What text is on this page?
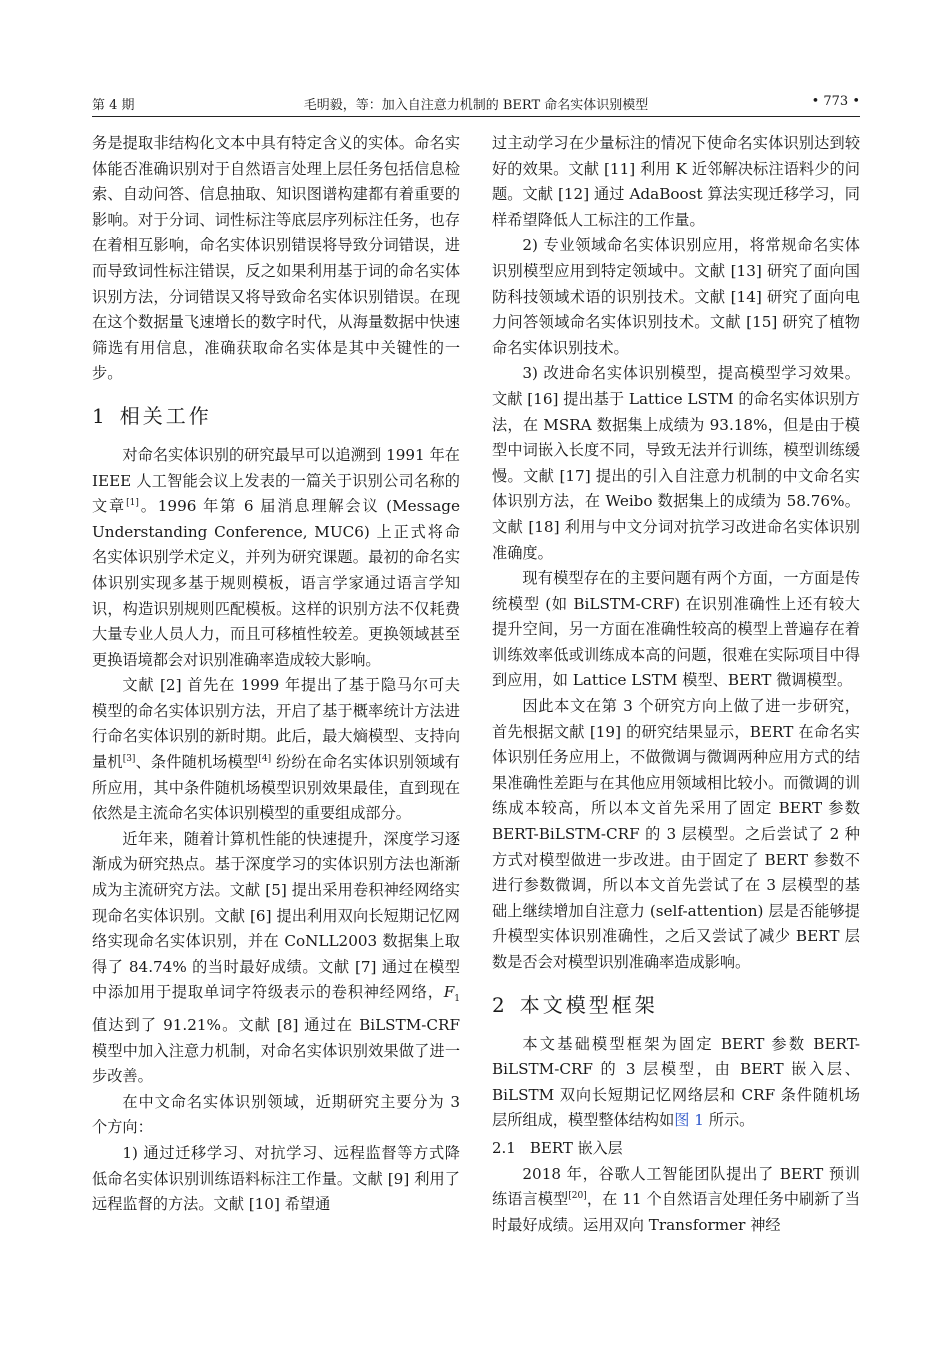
第 4 期	毛明毅，等：加入自注意力机制的 BERT 命名实体识别模型	• 773 •

务是提取非结构化文本中具有特定含义的实体。命名实体能否准确识别对于自然语言处理上层任务包括信息检索、自动问答、信息抽取、知识图谱构建都有着重要的影响。对于分词、词性标注等底层序列标注任务，也存在着相互影响，命名实体识别错误将导致分词错误，进而导致词性标注错误，反之如果利用基于词的命名实体识别方法，分词错误又将导致命名实体识别错误。在现在这个数据量飞速增长的数字时代，从海量数据中快速筛选有用信息，准确获取命名实体是其中关键性的一步。

1 相关工作

对命名实体识别的研究最早可以追溯到 1991 年在 IEEE 人工智能会议上发表的一篇关于识别公司名称的文章[1]。1996 年第 6 届消息理解会议 (Message Understanding Conference, MUC6) 上正式将命名实体识别学术定义，并列为研究课题。最初的命名实体识别实现多基于规则模板，语言学家通过语言学知识，构造识别规则匹配模板。这样的识别方法不仅耗费大量专业人员人力，而且可移植性较差。更换领域甚至更换语境都会对识别准确率造成较大影响。

文献 [2] 首先在 1999 年提出了基于隐马尔可夫模型的命名实体识别方法，开启了基于概率统计方法进行命名实体识别的新时期。此后，最大熵模型、支持向量机[3]、条件随机场模型[4] 纷纷在命名实体识别领域有所应用，其中条件随机场模型识别效果最佳，直到现在依然是主流命名实体识别模型的重要组成部分。

近年来，随着计算机性能的快速提升，深度学习逐渐成为研究热点。基于深度学习的实体识别方法也渐渐成为主流研究方法。文献 [5] 提出采用卷积神经网络实现命名实体识别。文献 [6] 提出利用双向长短期记忆网络实现命名实体识别，并在 CoNLL2003 数据集上取得了 84.74% 的当时最好成绩。文献 [7] 通过在模型中添加用于提取单词字符级表示的卷积神经网络，$F_1$ 值达到了 91.21%。文献 [8] 通过在 BiLSTM-CRF 模型中加入注意力机制，对命名实体识别效果做了进一步改善。

在中文命名实体识别领域，近期研究主要分为 3 个方向：

1) 通过迁移学习、对抗学习、远程监督等方式降低命名实体识别训练语料标注工作量。文献 [9] 利用了远程监督的方法。文献 [10] 希望通

过主动学习在少量标注的情况下使命名实体识别达到较好的效果。文献 [11] 利用 K 近邻解决标注语料少的问题。文献 [12] 通过 AdaBoost 算法实现迁移学习，同样希望降低人工标注的工作量。

2) 专业领域命名实体识别应用，将常规命名实体识别模型应用到特定领域中。文献 [13] 研究了面向国防科技领域术语的识别技术。文献 [14] 研究了面向电力问答领域命名实体识别技术。文献 [15] 研究了植物命名实体识别技术。

3) 改进命名实体识别模型，提高模型学习效果。文献 [16] 提出基于 Lattice LSTM 的命名实体识别方法，在 MSRA 数据集上成绩为 93.18%，但是由于模型中词嵌入长度不同，导致无法并行训练，模型训练缓慢。文献 [17] 提出的引入自注意力机制的中文命名实体识别方法，在 Weibo 数据集上的成绩为 58.76%。文献 [18] 利用与中文分词对抗学习改进命名实体识别准确度。

现有模型存在的主要问题有两个方面，一方面是传统模型 (如 BiLSTM-CRF) 在识别准确性上还有较大提升空间，另一方面在准确性较高的模型上普遍存在着训练效率低或训练成本高的问题，很难在实际项目中得到应用，如 Lattice LSTM 模型、BERT 微调模型。

因此本文在第 3 个研究方向上做了进一步研究，首先根据文献 [19] 的研究结果显示，BERT 在命名实体识别任务应用上，不做微调与微调两种应用方式的结果准确性差距与在其他应用领域相比较小。而微调的训练成本较高，所以本文首先采用了固定 BERT 参数 BERT-BiLSTM-CRF 的 3 层模型。之后尝试了 2 种方式对模型做进一步改进。由于固定了 BERT 参数不进行参数微调，所以本文首先尝试了在 3 层模型的基础上继续增加自注意力 (self-attention) 层是否能够提升模型实体识别准确性，之后又尝试了减少 BERT 层数是否会对模型识别准确率造成影响。

2 本文模型框架

本文基础模型框架为固定 BERT 参数 BERT-BiLSTM-CRF 的 3 层模型，由 BERT 嵌入层、BiLSTM 双向长短期记忆网络层和 CRF 条件随机场层所组成，模型整体结构如图 1 所示。

2.1 BERT 嵌入层

2018 年，谷歌人工智能团队提出了 BERT 预训练语言模型[20]，在 11 个自然语言处理任务中刷新了当时最好成绩。运用双向 Transformer 神经
